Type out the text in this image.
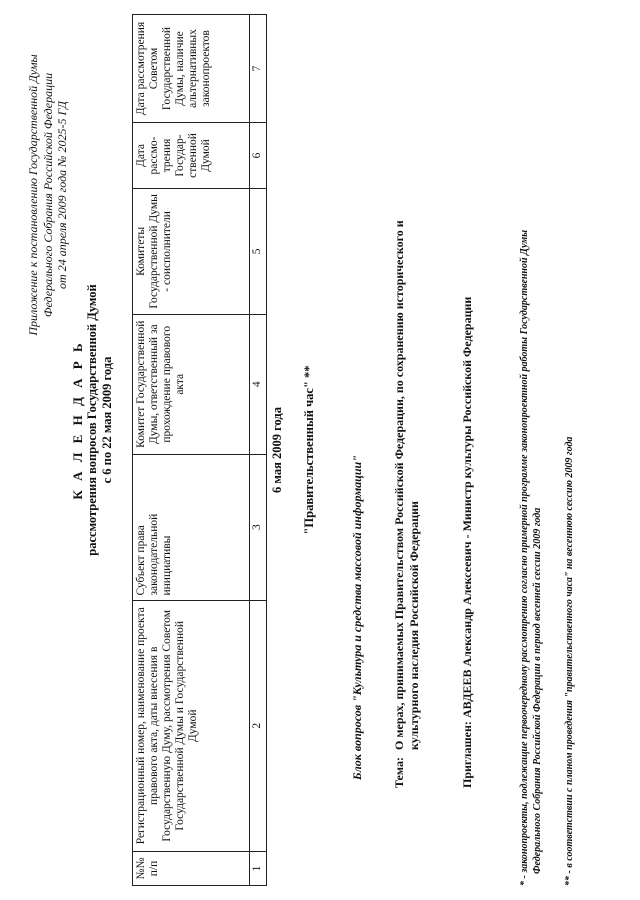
Приложение к постановлению Государственной Думы Федерального Собрания Российской Федерации от 24 апреля 2009 года № 2025-5 ГД
К А Л Е Н Д А Р Ь рассмотрения вопросов Государственной Думой с 6 по 22 мая 2009 года
№№ п/п	Регистрационный номер, наименование проекта правового акта, даты внесения в Государственную Думу, рассмотрения Советом Государственной Думы и Государственной Думой	Субъект права законодательной инициативы	Комитет Государственной Думы, ответственный за прохождение правового акта	Комитеты Государственной Думы - соисполнители	Дата рассмо-трения Государ-ственной Думой	Дата рассмотрения Советом Государственной Думы, наличие альтернативных законопроектов
1	2	3	4	5	6	7
6 мая 2009 года "Правительственный час" **
Блок вопросов "Культура и средства массовой информации" Тема:О мерах, принимаемых Правительством Российской Федерации, по сохранению исторического и культурного наследия Российской Федерации
Приглашен:АВДЕЕВ Александр Алексеевич - Министр культуры Российской Федерации	* - законопроекты, подлежащие первоочередному рассмотрению согласно примерной программе законопроектной работы Государственной Думы Федерального Собрания Российской Федерации в период весенней сессии 2009 года ** - в соответствии с планом проведения "правительственного часа" на весеннюю сессию 2009 года
